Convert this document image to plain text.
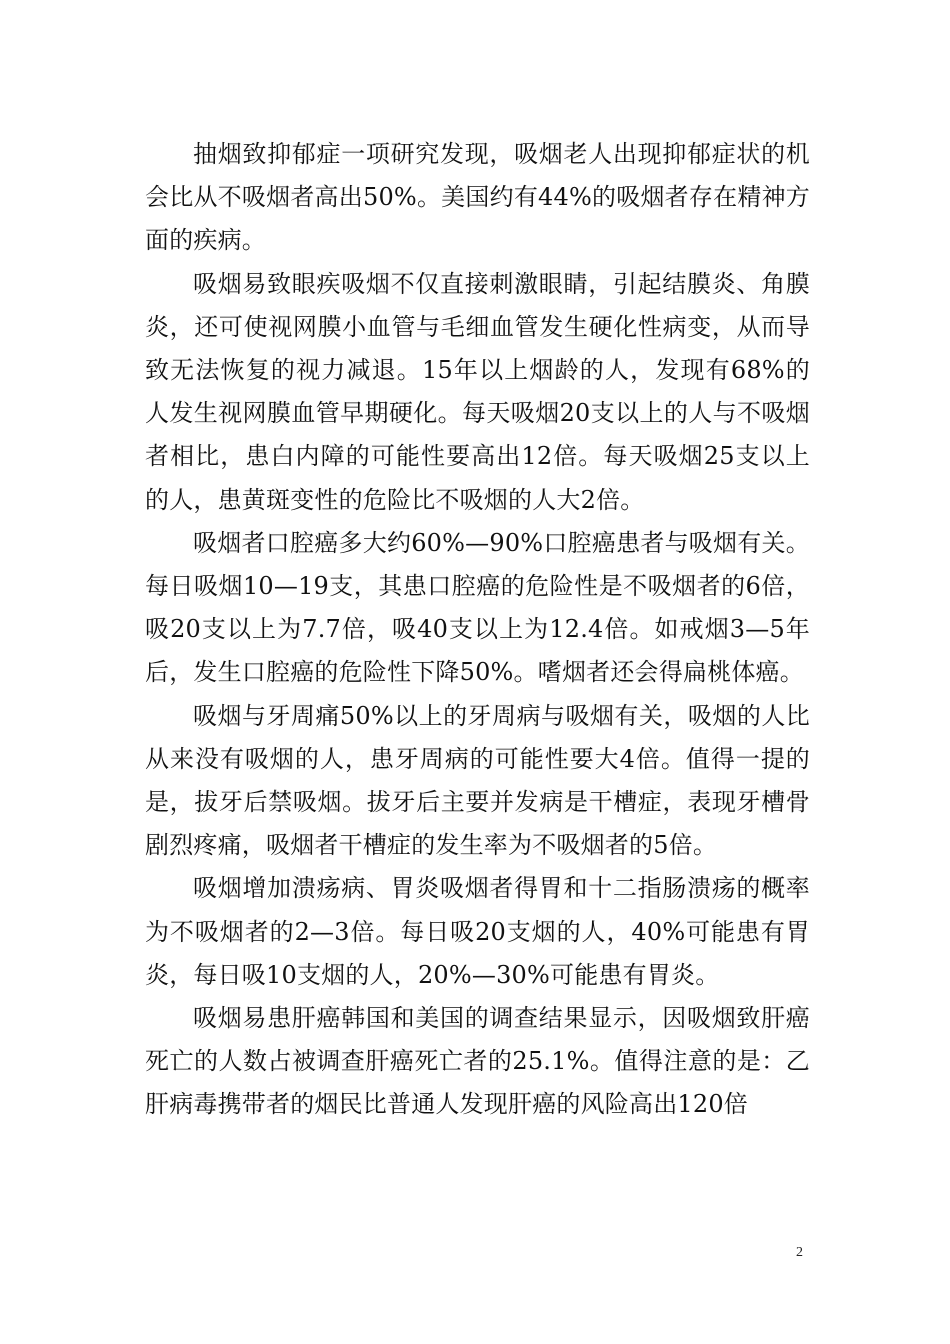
抽烟致抑郁症一项研究发现，吸烟老人出现抑郁症状的机会比从不吸烟者高出50%。美国约有44%的吸烟者存在精神方面的疾病。

吸烟易致眼疾吸烟不仅直接刺激眼睛，引起结膜炎、角膜炎，还可使视网膜小血管与毛细血管发生硬化性病变，从而导致无法恢复的视力减退。15年以上烟龄的人，发现有68%的人发生视网膜血管早期硬化。每天吸烟20支以上的人与不吸烟者相比，患白内障的可能性要高出12倍。每天吸烟25支以上的人，患黄斑变性的危险比不吸烟的人大2倍。

吸烟者口腔癌多大约60%—90%口腔癌患者与吸烟有关。每日吸烟10—19支，其患口腔癌的危险性是不吸烟者的6倍，吸20支以上为7.7倍，吸40支以上为12.4倍。如戒烟3—5年后，发生口腔癌的危险性下降50%。嗜烟者还会得扁桃体癌。

吸烟与牙周痛50%以上的牙周病与吸烟有关，吸烟的人比从来没有吸烟的人，患牙周病的可能性要大4倍。值得一提的是，拔牙后禁吸烟。拔牙后主要并发病是干槽症，表现牙槽骨剧烈疼痛，吸烟者干槽症的发生率为不吸烟者的5倍。

吸烟增加溃疡病、胃炎吸烟者得胃和十二指肠溃疡的概率为不吸烟者的2—3倍。每日吸20支烟的人，40%可能患有胃炎，每日吸10支烟的人，20%—30%可能患有胃炎。

吸烟易患肝癌韩国和美国的调查结果显示，因吸烟致肝癌死亡的人数占被调查肝癌死亡者的25.1%。值得注意的是：乙肝病毒携带者的烟民比普通人发现肝癌的风险高出120倍

2
